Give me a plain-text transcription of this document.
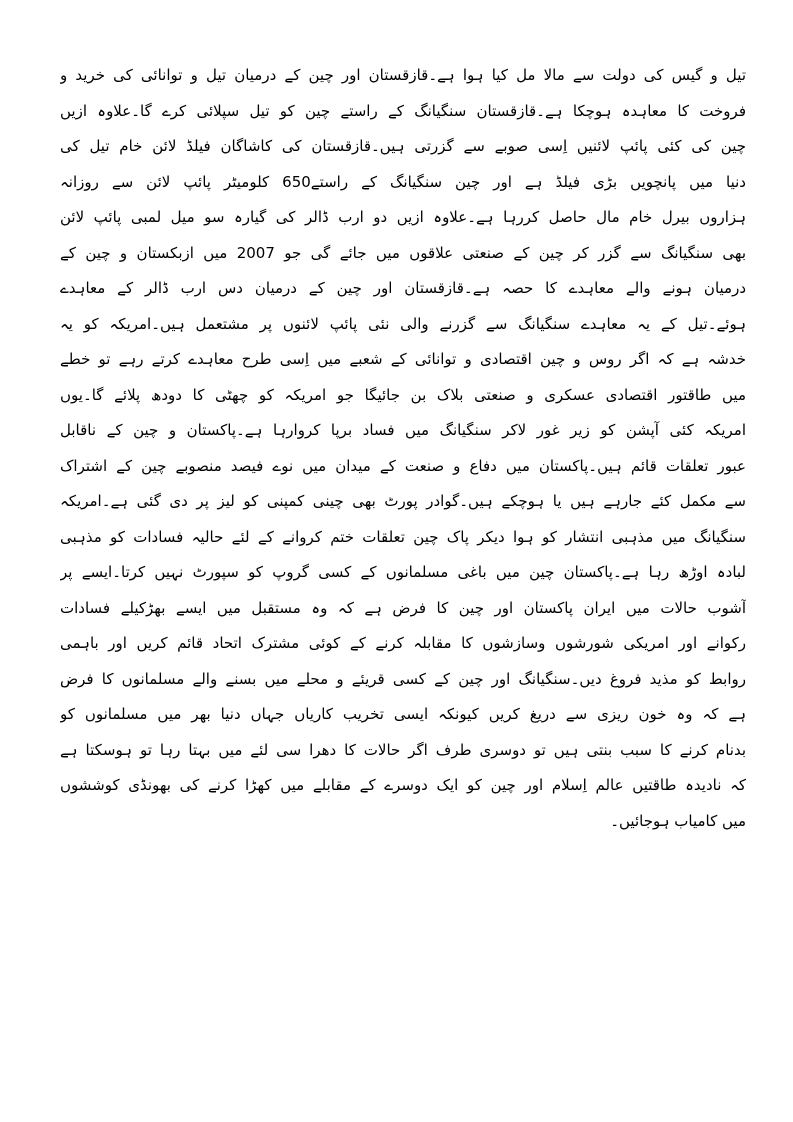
تیل و گیس کی دولت سے مالا مل کیا ہوا ہے۔قازقستان اور چین کے درمیان تیل و توانائی کی خرید و
فروخت کا معاہدہ ہوچکا ہے۔قازقستان سنگیانگ کے راستے چین کو تیل سپلائی کرے گا۔علاوہ ازیں
چین کی کئی پائپ لائنیں اِسی صوبے سے گزرتی ہیں۔قازقستان کی کاشاگان فیلڈ لائن خام تیل کی
دنیا میں پانچویں بڑی فیلڈ ہے اور چین سنگیانگ کے راستے650 کلومیٹر پائپ لائن سے روزانہ
ہزاروں بیرل خام مال حاصل کررہا ہے۔علاوہ ازیں دو ارب ڈالر کی گیارہ سو میل لمبی پائپ لائن
بھی سنگیانگ سے گزر کر چین کے صنعتی علاقوں میں جائے گی جو 2007 میں ازبکستان و چین کے
درمیان ہونے والے معاہدے کا حصہ ہے۔قازقستان اور چین کے درمیان دس ارب ڈالر کے معاہدے
ہوئے۔تیل کے یہ معاہدے سنگیانگ سے گزرنے والی نئی پائپ لائنوں پر مشتعمل ہیں۔امریکہ کو یہ
خدشہ ہے کہ اگر روس و چین اقتصادی و توانائی کے شعبے میں اِسی طرح معاہدے کرتے رہے تو خطے
میں طاقتور اقتصادی عسکری و صنعتی بلاک بن جائیگا جو امریکہ کو چھٹی کا دودھ پلائے گا۔یوں
امریکہ کئی آپشن کو زیر غور لاکر سنگیانگ میں فساد برپا کروارہا ہے۔پاکستان و چین کے ناقابل
عبور تعلقات قائم ہیں۔پاکستان میں دفاع و صنعت کے میدان میں نوے فیصد منصوبے چین کے اشتراک
سے مکمل کئے جارہے ہیں یا ہوچکے ہیں۔گوادر پورٹ بھی چینی کمپنی کو لیز پر دی گئی ہے۔امریکہ
سنگیانگ میں مذہبی انتشار کو ہوا دیکر پاک چین تعلقات ختم کروانے کے لئے حالیہ فسادات کو مذہبی
لبادہ اوڑھ رہا ہے۔پاکستان چین میں باغی مسلمانوں کے کسی گروپ کو سپورٹ نہیں کرتا۔ایسے پر
آشوب حالات میں ایران پاکستان اور چین کا فرض ہے کہ وہ مستقبل میں ایسے بھڑکیلے فسادات
رکوانے اور امریکی شورشوں وسازشوں کا مقابلہ کرنے کے کوئی مشترک اتحاد قائم کریں اور باہمی
روابط کو مذید فروغ دیں۔سنگیانگ اور چین کے کسی قریئے و محلے میں بسنے والے مسلمانوں کا فرض
ہے کہ وہ خون ریزی سے دریغ کریں کیونکہ ایسی تخریب کاریاں جہاں دنیا بھر میں مسلمانوں کو
بدنام کرنے کا سبب بنتی ہیں تو دوسری طرف اگر حالات کا دھرا سی لئے میں بہتا رہا تو ہوسکتا ہے
کہ نادیدہ طاقتیں عالم اِسلام اور چین کو ایک دوسرے کے مقابلے میں کھڑا کرنے کی بھونڈی کوششوں
میں کامیاب ہوجائیں۔
